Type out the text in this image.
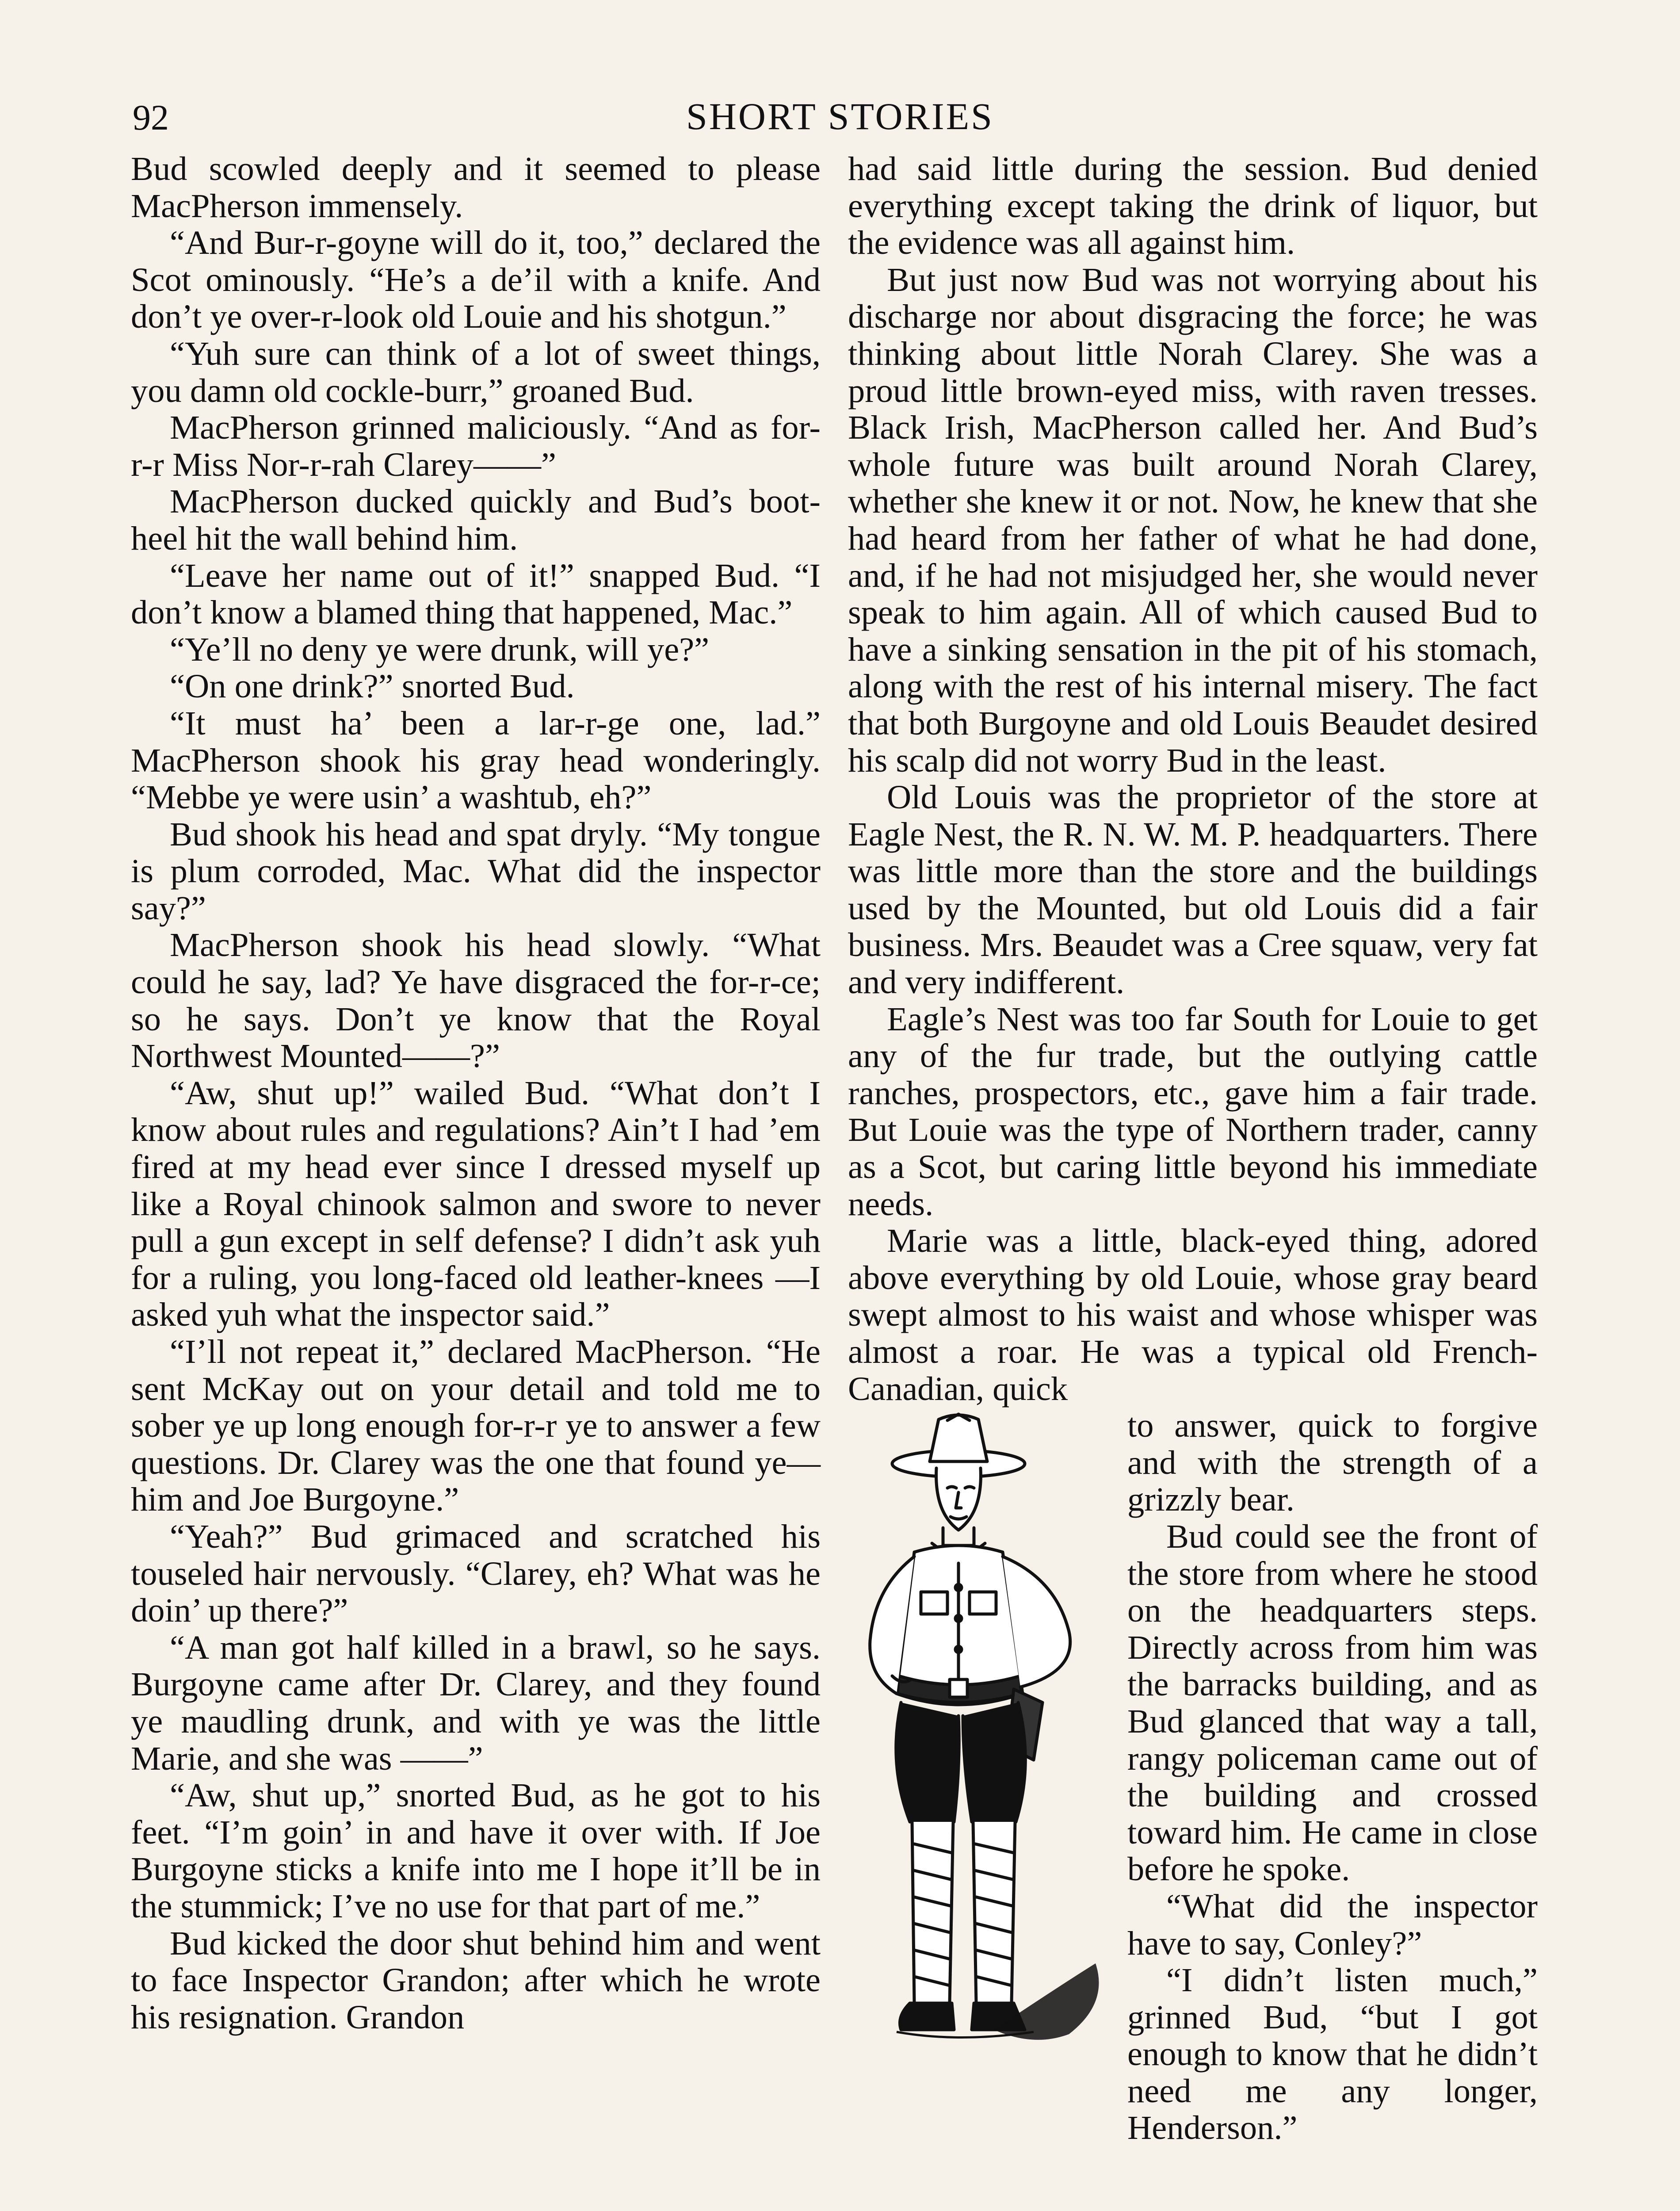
92	SHORT STORIES

Bud scowled deeply and it seemed to please MacPherson immensely.

“And Bur-r-goyne will do it, too,” declared the Scot ominously. “He’s a de’il with a knife. And don’t ye over-r-look old Louie and his shotgun.”

“Yuh sure can think of a lot of sweet things, you damn old cockle-burr,” groaned Bud.

MacPherson grinned maliciously. “And as for-r-r Miss Nor-r-rah Clarey——”

MacPherson ducked quickly and Bud’s boot-heel hit the wall behind him.

“Leave her name out of it!” snapped Bud. “I don’t know a blamed thing that happened, Mac.”

“Ye’ll no deny ye were drunk, will ye?”

“On one drink?” snorted Bud.

“It must ha’ been a lar-r-ge one, lad.” MacPherson shook his gray head wonderingly. “Mebbe ye were usin’ a washtub, eh?”

Bud shook his head and spat dryly. “My tongue is plum corroded, Mac. What did the inspector say?”

MacPherson shook his head slowly. “What could he say, lad? Ye have disgraced the for-r-ce; so he says. Don’t ye know that the Royal Northwest Mounted——?”

“Aw, shut up!” wailed Bud. “What don’t I know about rules and regulations? Ain’t I had ’em fired at my head ever since I dressed myself up like a Royal chinook salmon and swore to never pull a gun except in self defense? I didn’t ask yuh for a ruling, you long-faced old leather-knees —I asked yuh what the inspector said.”

“I’ll not repeat it,” declared MacPherson. “He sent McKay out on your detail and told me to sober ye up long enough for-r-r ye to answer a few questions. Dr. Clarey was the one that found ye—him and Joe Burgoyne.”

“Yeah?” Bud grimaced and scratched his touseled hair nervously. “Clarey, eh? What was he doin’ up there?”

“A man got half killed in a brawl, so he says. Burgoyne came after Dr. Clarey, and they found ye maudling drunk, and with ye was the little Marie, and she was ——”

“Aw, shut up,” snorted Bud, as he got to his feet. “I’m goin’ in and have it over with. If Joe Burgoyne sticks a knife into me I hope it’ll be in the stummick; I’ve no use for that part of me.”

Bud kicked the door shut behind him and went to face Inspector Grandon; after which he wrote his resignation. Grandon

had said little during the session. Bud denied everything except taking the drink of liquor, but the evidence was all against him.

But just now Bud was not worrying about his discharge nor about disgracing the force; he was thinking about little Norah Clarey. She was a proud little brown-eyed miss, with raven tresses. Black Irish, MacPherson called her. And Bud’s whole future was built around Norah Clarey, whether she knew it or not. Now, he knew that she had heard from her father of what he had done, and, if he had not misjudged her, she would never speak to him again. All of which caused Bud to have a sinking sensation in the pit of his stomach, along with the rest of his internal misery. The fact that both Burgoyne and old Louis Beaudet desired his scalp did not worry Bud in the least.

Old Louis was the proprietor of the store at Eagle Nest, the R. N. W. M. P. headquarters. There was little more than the store and the buildings used by the Mounted, but old Louis did a fair business. Mrs. Beaudet was a Cree squaw, very fat and very indifferent.

Eagle’s Nest was too far South for Louie to get any of the fur trade, but the outlying cattle ranches, prospectors, etc., gave him a fair trade. But Louie was the type of Northern trader, canny as a Scot, but caring little beyond his immediate needs.

Marie was a little, black-eyed thing, adored above everything by old Louie, whose gray beard swept almost to his waist and whose whisper was almost a roar. He was a typical old French-Canadian, quick

to answer, quick to forgive and with the strength of a grizzly bear.

Bud could see the front of the store from where he stood on the headquarters steps. Directly across from him was the barracks building, and as Bud glanced that way a tall, rangy policeman came out of the building and crossed toward him. He came in close before he spoke.

“What did the inspector have to say, Conley?”

“I didn’t listen much,” grinned Bud, “but I got enough to know that he didn’t need me any longer, Henderson.”
